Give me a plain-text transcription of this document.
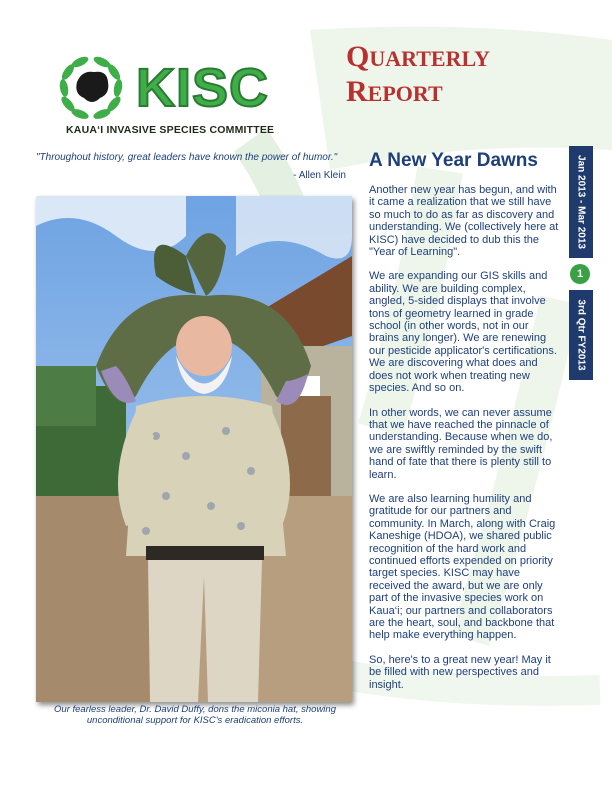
KISC
KAUA‘I INVASIVE SPECIES COMMITTEE
QUARTERLY
REPORT
"Throughout history, great leaders have known the power of humor."
- Allen Klein
Our fearless leader, Dr. David Duffy, dons the miconia hat, showing unconditional support for KISC's eradication efforts.
A New Year Dawns

Another new year has begun, and with it came a realization that we still have so much to do as far as discovery and understanding. We (collectively here at KISC) have decided to dub this the "Year of Learning".

We are expanding our GIS skills and ability. We are building complex, angled, 5-sided displays that involve tons of geometry learned in grade school (in other words, not in our brains any longer). We are renewing our pesticide applicator's certifications. We are discovering what does and does not work when treating new species. And so on.

In other words, we can never assume that we have reached the pinnacle of understanding. Because when we do, we are swiftly reminded by the swift hand of fate that there is plenty still to learn.

We are also learning humility and gratitude for our partners and community. In March, along with Craig Kaneshige (HDOA), we shared public recognition of the hard work and continued efforts expended on priority target species. KISC may have received the award, but we are only part of the invasive species work on Kaua‘i; our partners and collaborators are the heart, soul, and backbone that help make everything happen.

So, here's to a great new year! May it be filled with new perspectives and insight.

Jan 2013 - Mar 2013
1
3rd Qtr FY2013
